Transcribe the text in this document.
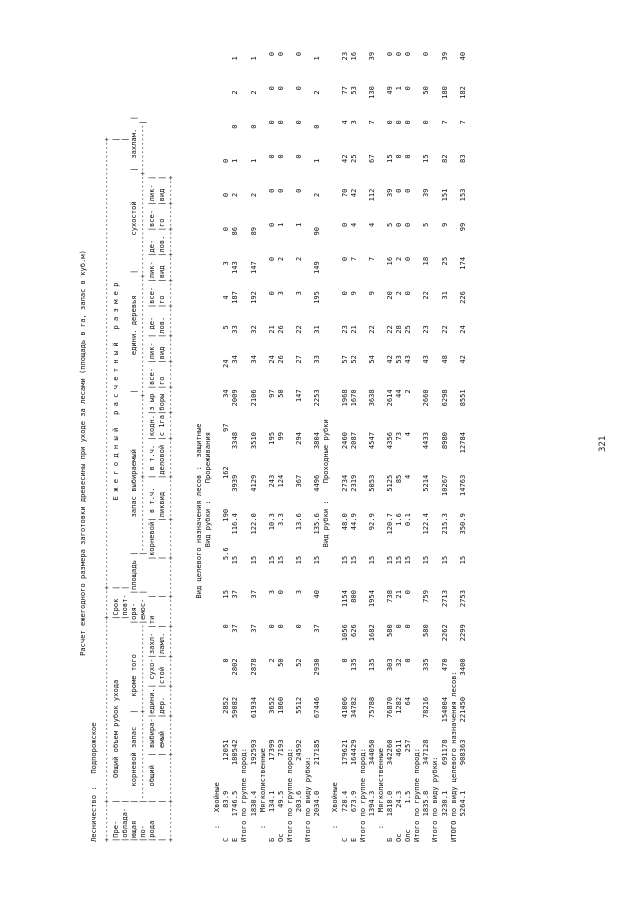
Расчет ежегодного размера заготовки древесины при уходе за лесами (площадь в га, запас в куб.м)
Лесничество :   Подпорожское +--------+------------------------------------------+------+--------------------------------------------------------------------------------------------------------+ |Пре-    |     Общий объем рубок ухода              |Срок  |                    Е ж е г о д н ы й   р а с ч е т н ы й   р а з м е р                                 | |облада- |                                          |повт- |                                                                                                        | |ющая    |   корневой запас   |   кроме того       |оря-  |площадь |        запас выбираемый             |        едини. деревья     |        сухостой       |  захлам.  | |по-     |--------------------+--------------------|емос- |        |-----------------+------------------+---------------------------+-----------------------+-----------| |рода    |   общий  | выбира-|едини.| сухо-|захл- |ти    |        |корневой| в т.ч.  | в т.ч. |кодн.|з ыр |все- |лик- | де-  |все- |лик- |де-  |все- |лик- | |        |          | емый   |дер.  |стой  |ламл. |      |        |        |ликвид   |деловой |с 1га|боры |го   |вид  |лов.  |го   |вид  |лов. |го   |вид  | +--------+----------+--------+------+------+------+------+--------+--------+---------+--------+-----+-----+-----+-----+------+-----+-----+-----+-----+-----+	Вид целевого назначения лесов :  защитные Вид рубки :    Прореживания :   Хвойные С       83.9       12051      2852        0       0      15       5.6      190       162        97      34     24       5      4       3       0       0       0 Е     1746.5      180542     59082     2802      37      37      15     116.4     3939      3348      2009      34     33     187    143      86       2       1       0       2       1 Итого по группе пород: 1830.4      192593     61934     2878      37      37      15     122.0     4129      3510      2106      34     32     192    147      89       2       1       0       2       1 :   Мягколиственные Б      134.1       17399      3652        2       0       3      15      10.3      243       195        97      24     21       0       0       0       0       0       0       0       0 Ос      49.5        7193      1860       50       0       0      15       3.3      124        99        50      26     26       3       2       1       0       0       0       0       0 Итого по группе пород: 203.6       24592      5512       52       0       3      15      13.6      367       294       147      27     22       3       2       1       0       0       0       0       0 Итого по виду рубки: 2034.0      217185     67446     2930      37      40      15     135.6     4496      3804      2253      33     31     195    149      90       2       1       0       2       1 Вид рубки :    Проходные рубки :   Хвойные С      720.4      179621     41006        0    1056    1154      15      48.0     2734      2460      1968      57     23       0       0       0      70      42       4      77      23 Е      673.9      164429     34782      135     626     800      15      44.9     2319      2087      1670      52     21       9       7       4      42      25       3      53      16 Итого по группе пород: 1394.3      344050     75788      135    1682    1954      15      92.9     5053      4547      3638      54     22       9       7       4     112      67       7     130      39 :   Мягколиственные Б     1810.0      342260     76870      303     580     738      15     120.7     5125      4356      2614      42     22      20      16       5      39      15       0      49       0 Ос      24.3        4611      1282       32       0      21      15       1.6       85        73        44      53     28       2       2       0       0       0       0       1       0 Олс      1.5         257        64        0       0       0      15       0.1        4         4         2      43     25       0       0       0       0       0       0       0       0 Итого по группе пород: 1835.8      347128     78216      335     580     759      15     122.4     5214      4433      2660      43     23      22      18       5      39      15       0      50       0 Итого по виду рубки: 3230.1      691178    154004      470    2262    2713      15     215.3    10267      8980      6298      48     22      31      25       9     151      82       7     180      39 ИТОГО по виду целевого назначения лесов: 5264.1      908363    221450     3400    2299    2753      15     350.9    14763     12784      8551      42     24     226     174      99     153      83       7     182      40	321
